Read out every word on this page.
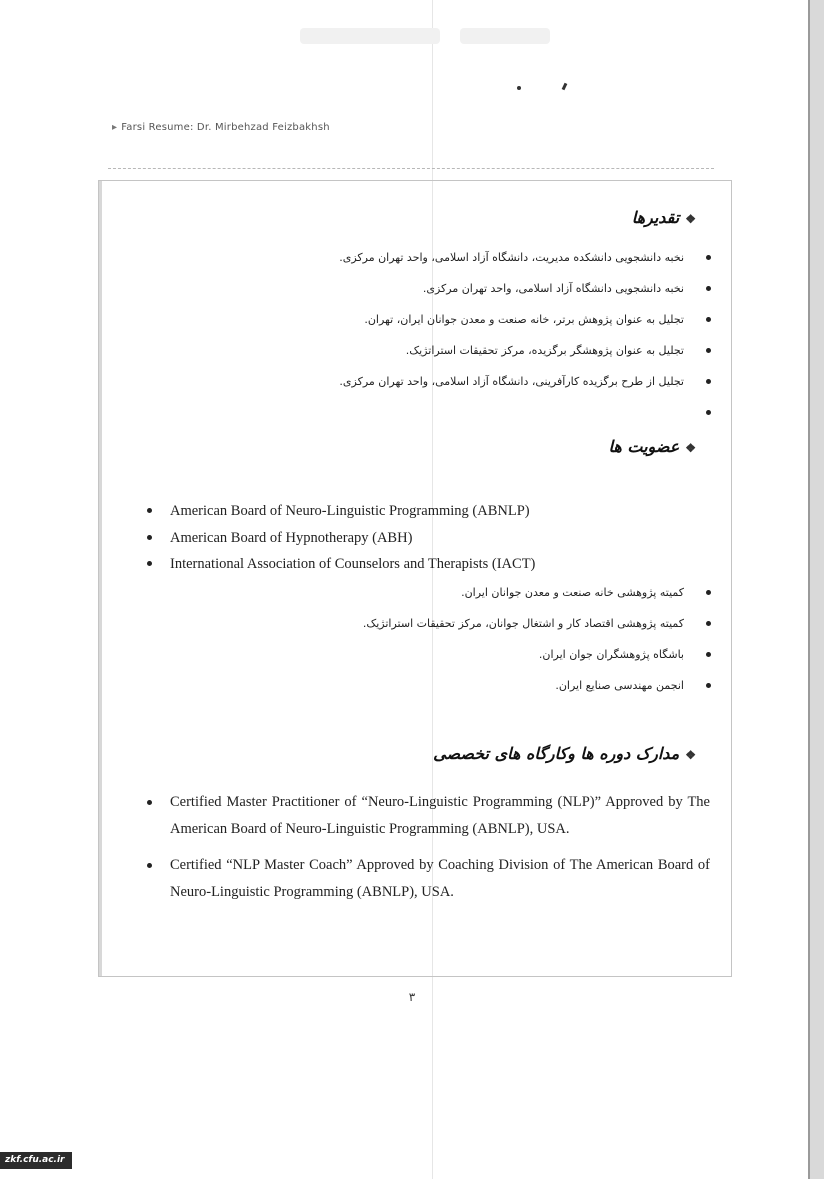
▸ Farsi Resume: Dr. Mirbehzad Feizbakhsh
❖تقدیرها
نخبه دانشجویی دانشکده مدیریت، دانشگاه آزاد اسلامی، واحد تهران مرکزی.
نخبه دانشجویی دانشگاه آزاد اسلامی، واحد تهران مرکزی.
تجلیل به عنوان پژوهش برتر، خانه صنعت و معدن جوانان ایران، تهران.
تجلیل به عنوان پژوهشگر برگزیده، مرکز تحقیقات استراتژیک.
تجلیل از طرح برگزیده کارآفرینی، دانشگاه آزاد اسلامی، واحد تهران مرکزی.
❖عضویت ها
American Board of Neuro-Linguistic Programming (ABNLP)
American Board of Hypnotherapy (ABH)
International Association of Counselors and Therapists (IACT)
کمیته پژوهشی خانه صنعت و معدن جوانان ایران.
کمیته پژوهشی اقتصاد کار و اشتغال جوانان، مرکز تحقیقات استراتژیک.
باشگاه پژوهشگران جوان ایران.
انجمن مهندسی صنایع ایران.
❖مدارک دوره ها وکارگاه های تخصصی
Certified Master Practitioner of “Neuro-Linguistic Programming (NLP)” Approved by The American Board of Neuro-Linguistic Programming (ABNLP), USA.
Certified “NLP Master Coach” Approved by Coaching Division of The American Board of Neuro-Linguistic Programming (ABNLP), USA.
۳
zkf.cfu.ac.ir
